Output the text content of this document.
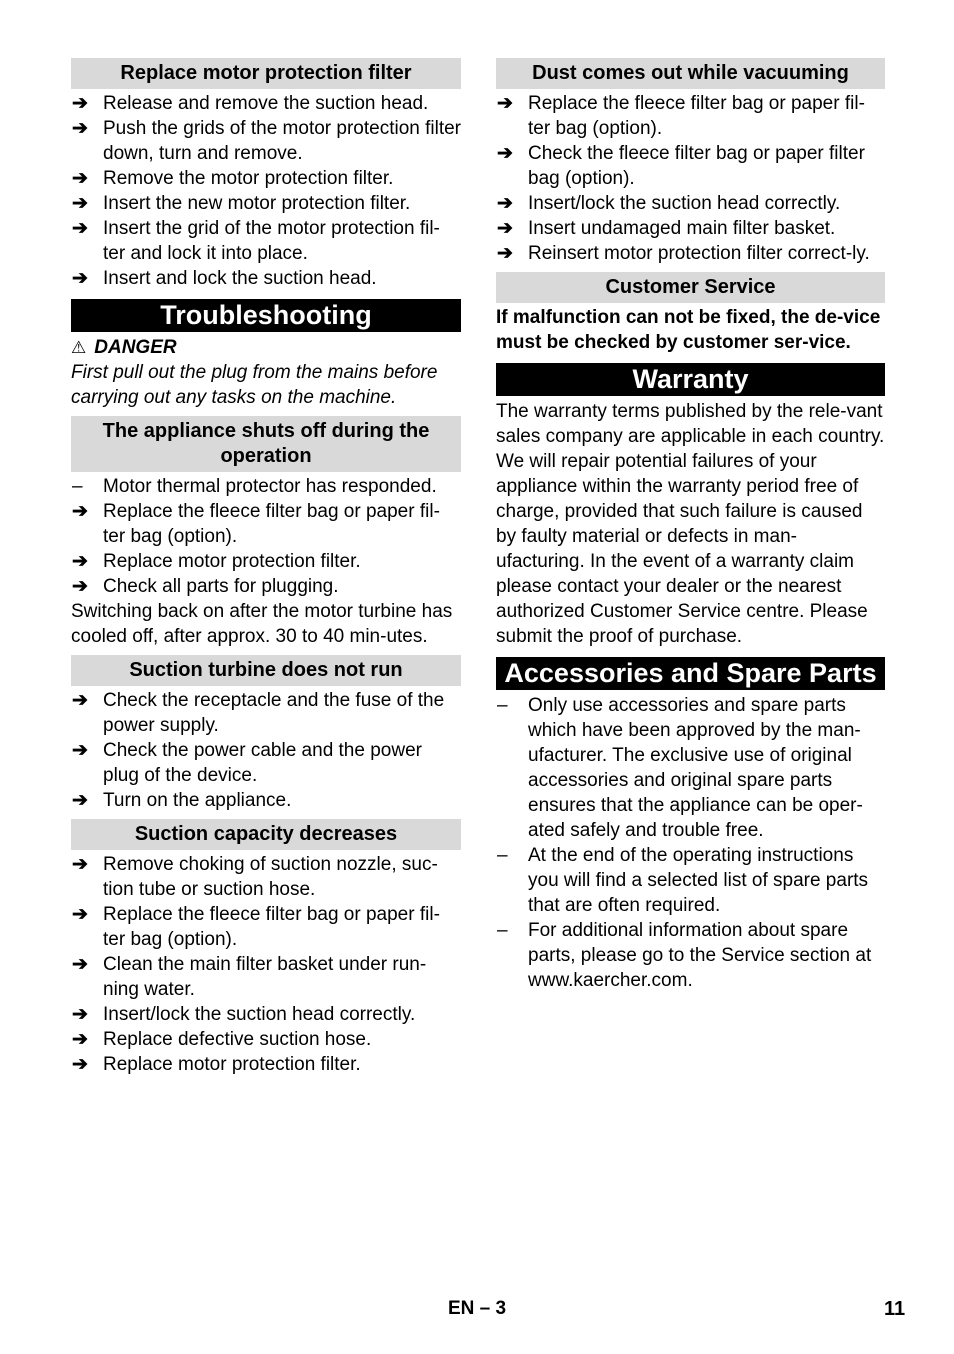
Replace motor protection filter
➔ Release and remove the suction head.
➔ Push the grids of the motor protection filter down, turn and remove.
➔ Remove the motor protection filter.
➔ Insert the new motor protection filter.
➔ Insert the grid of the motor protection fil-ter and lock it into place.
➔ Insert and lock the suction head.
Troubleshooting
⚠ DANGER

First pull out the plug from the mains before carrying out any tasks on the machine.

The appliance shuts off during the operation
–	Motor thermal protector has responded.
➔ Replace the fleece filter bag or paper fil-ter bag (option).
➔ Replace motor protection filter.
➔ Check all parts for plugging.

Switching back on after the motor turbine has cooled off, after approx. 30 to 40 min-utes.

Suction turbine does not run
➔ Check the receptacle and the fuse of the power supply.
➔ Check the power cable and the power plug of the device.
➔ Turn on the appliance.
Suction capacity decreases
➔ Remove choking of suction nozzle, suc-tion tube or suction hose.
➔ Replace the fleece filter bag or paper fil-ter bag (option).
➔ Clean the main filter basket under run-ning water.
➔ Insert/lock the suction head correctly.
➔ Replace defective suction hose.
➔ Replace motor protection filter.
Dust comes out while vacuuming
➔ Replace the fleece filter bag or paper fil-ter bag (option).
➔ Check the fleece filter bag or paper filter bag (option).
➔ Insert/lock the suction head correctly.
➔ Insert undamaged main filter basket.
➔ Reinsert motor protection filter correct-ly.
Customer Service

If malfunction can not be fixed, the de-vice must be checked by customer ser-vice.

Warranty

The warranty terms published by the rele-vant sales company are applicable in each country. We will repair potential failures of your appliance within the warranty period free of charge, provided that such failure is caused by faulty material or defects in man-ufacturing. In the event of a warranty claim please contact your dealer or the nearest authorized Customer Service centre. Please submit the proof of purchase.

Accessories and Spare Parts
–	Only use accessories and spare parts which have been approved by the man-ufacturer. The exclusive use of original accessories and original spare parts ensures that the appliance can be oper-ated safely and trouble free.
–	At the end of the operating instructions you will find a selected list of spare parts that are often required.
–	For additional information about spare parts, please go to the Service section at www.kaercher.com.
EN – 3	11
